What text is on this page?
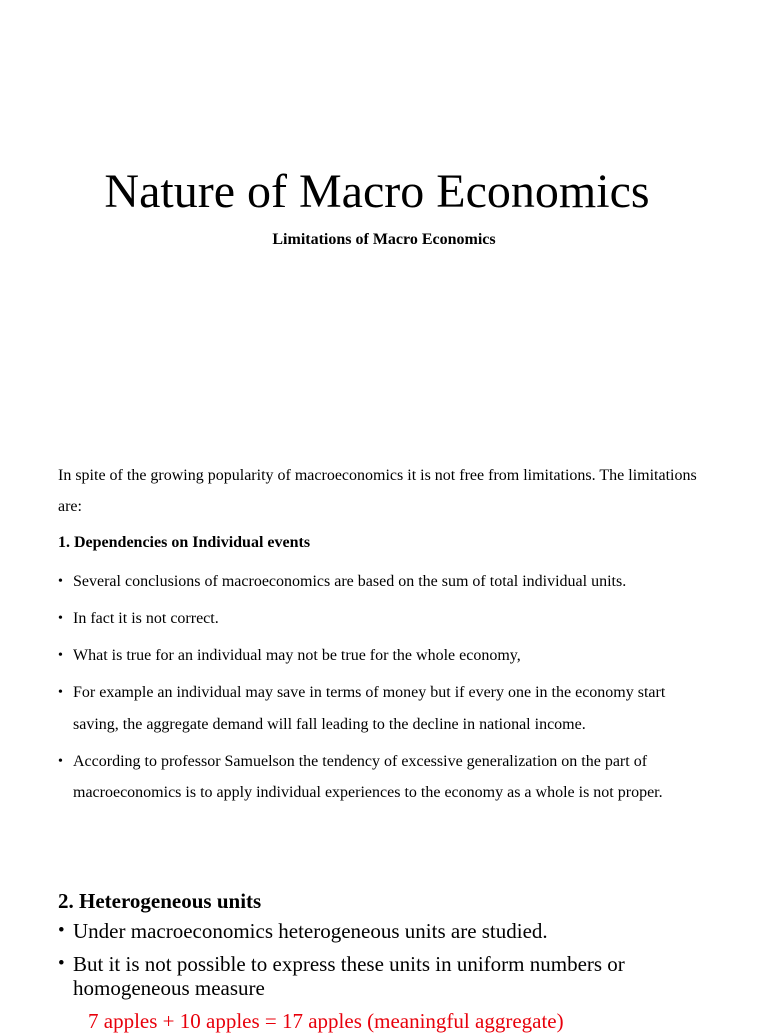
Nature of Macro Economics
Limitations of Macro Economics

In spite of the growing popularity of macroeconomics it is not free from limitations. The limitations are:

1. Dependencies on Individual events
• Several conclusions of macroeconomics are based on the sum of total individual units.
• In fact it is not correct.
• What is true for an individual may not be true for the whole economy,
• For example an individual may save in terms of money but if every one in the economy start saving, the aggregate demand will fall leading to the decline in national income.
• According to professor Samuelson the tendency of excessive generalization on the part of macroeconomics is to apply individual experiences to the economy as a whole is not proper.
2. Heterogeneous units
• Under macroeconomics heterogeneous units are studied.
• But it is not possible to express these units in uniform numbers or homogeneous measure

7 apples + 10 apples = 17 apples (meaningful aggregate)
